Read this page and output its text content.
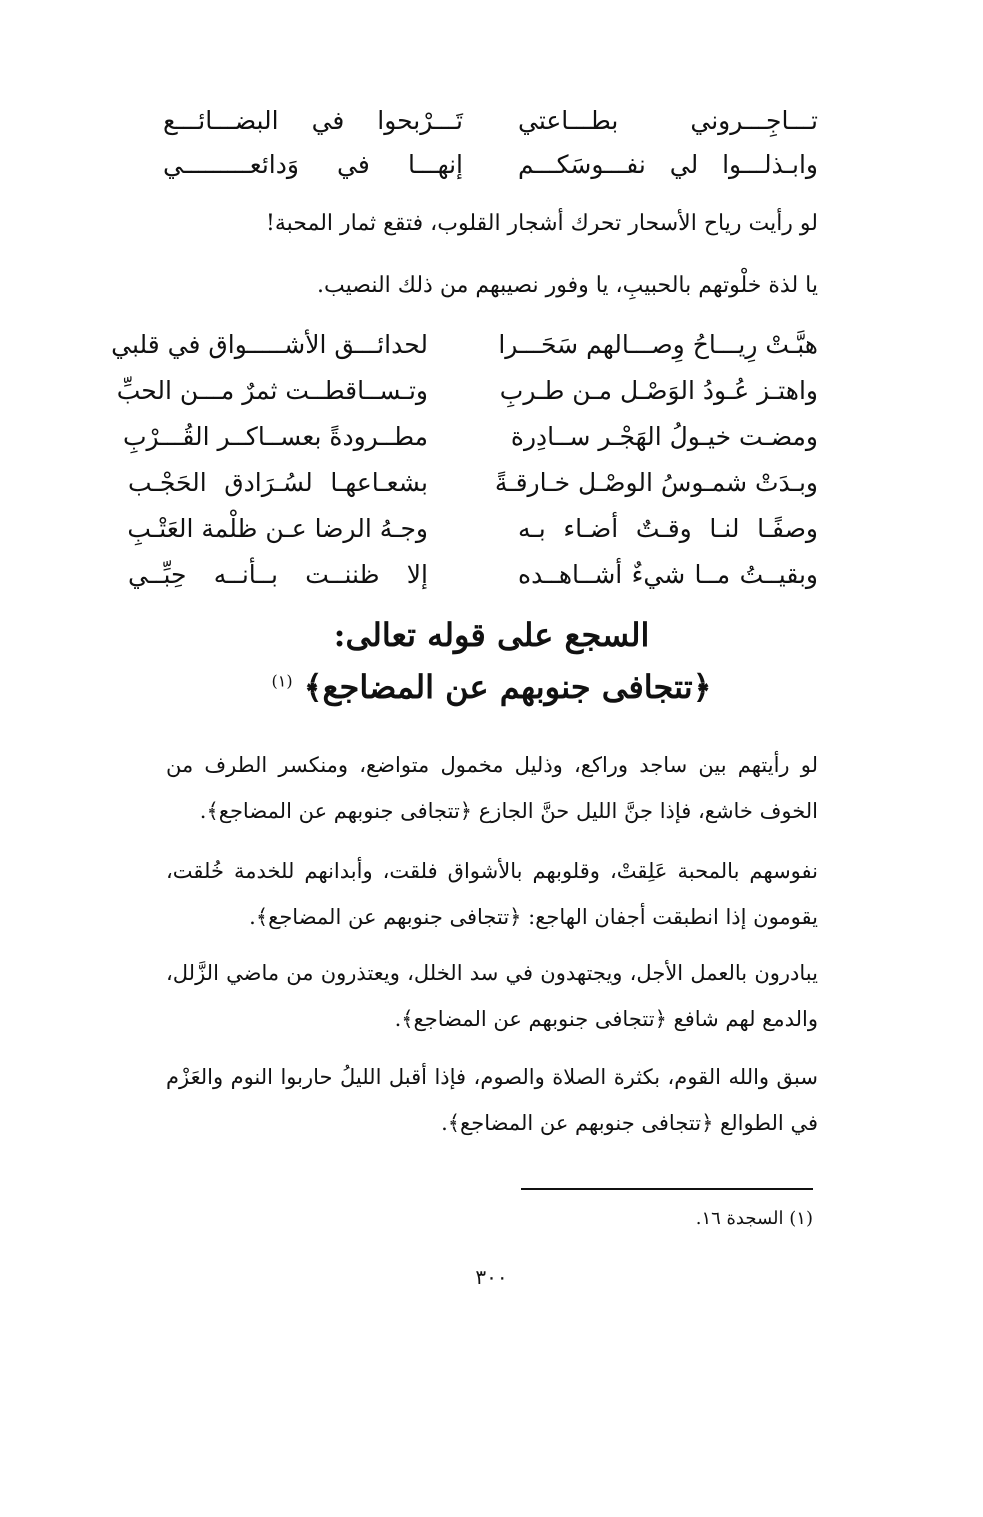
تـــاجِـــروني بطـــاعتي
تَـــرْبحوا في البضـــائـــع
وابـذلـــوا لي نفـــوسَكـــم
إنهـــا في وَدائعـــــــــي
لو رأيت رياح الأسحار تحرك أشجار القلوب، فتقع ثمار المحبة!
يا لذة خلْوتهم بالحبيبِ، يا وفور نصيبهم من ذلك النصيب.
هبَّـتْ رِيـــاحُ وِصـــالهم سَحَـــرا
لحدائـــق الأشـــــواق في قلبي
واهتـز عُـودُ الوَصْـل مـن طـربِ
وتـســاقطــت ثمرٌ مـــن الحبِّ
ومضـت خيـولُ الهَجْـر ســادِرة
مطــرودةً بعســاكــر القُـــرْبِ
وبـدَتْ شمـوسُ الوصْـل خـارقـةً
بشعـاعهـا لسُـرَادق الحَجْـب
وصفًـا لنـا وقـتٌ أضـاء بـه
وجـهُ الرضا عـن ظلْمة العَتْـبِ
وبقيــتُ مــا شيءٌ أشــاهــده
إلا ظننــت بــأنــه حِبِّــي
السجع على قوله تعالى:
﴿تتجافى جنوبهم عن المضاجع﴾ $^{(١)}$
لو رأيتهم بين ساجد وراكع، وذليل مخمول متواضع، ومنكسر الطرف من الخوف خاشع، فإذا جنَّ الليل حنَّ الجازع ﴿تتجافى جنوبهم عن المضاجع﴾.
نفوسهم بالمحبة عَلِقتْ، وقلوبهم بالأشواق فلقت، وأبدانهم للخدمة خُلقت، يقومون إذا انطبقت أجفان الهاجع: ﴿تتجافى جنوبهم عن المضاجع﴾.
يبادرون بالعمل الأجل، ويجتهدون في سد الخلل، ويعتذرون من ماضي الزَّلل، والدمع لهم شافع ﴿تتجافى جنوبهم عن المضاجع﴾.
سبق والله القوم، بكثرة الصلاة والصوم، فإذا أقبل الليلُ حاربوا النوم والعَزْم في الطوالع ﴿تتجافى جنوبهم عن المضاجع﴾.
(١) السجدة ١٦.
٣٠٠
